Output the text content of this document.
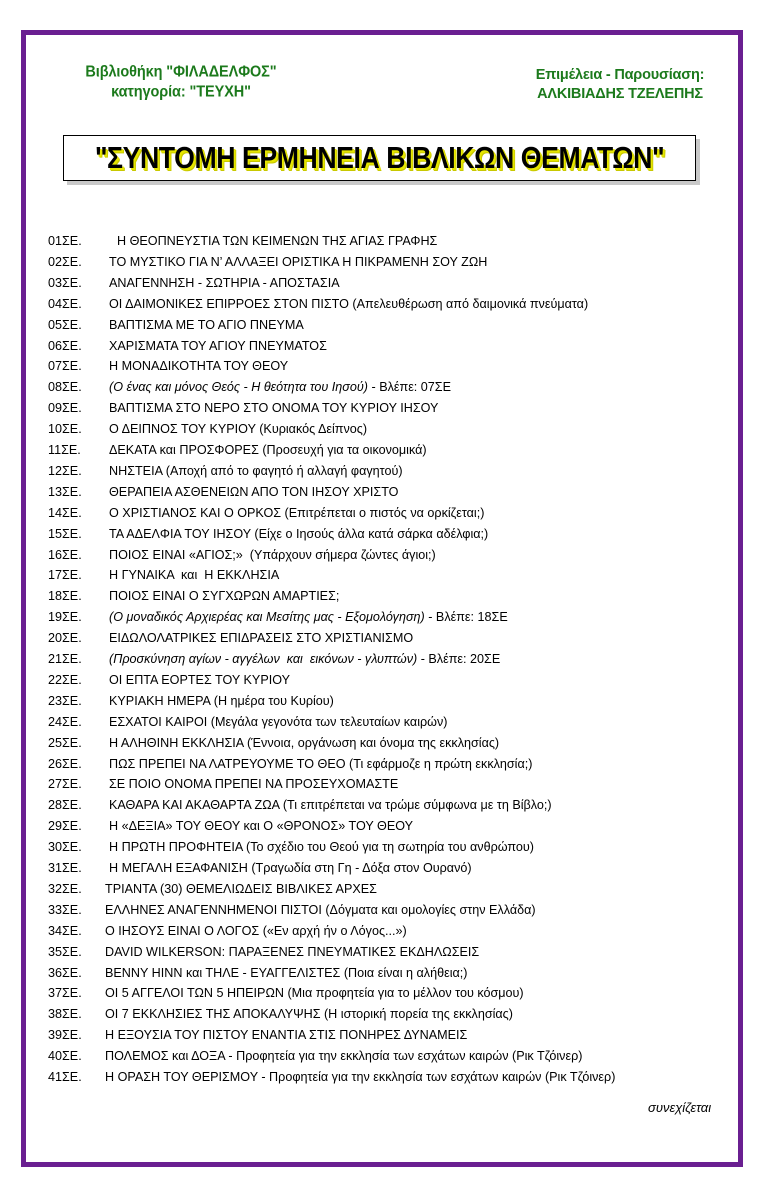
Βιβλιοθήκη "ΦΙΛΑΔΕΛΦΟΣ"
κατηγορία: "ΤΕΥΧΗ"
Επιμέλεια - Παρουσίαση:
ΑΛΚΙΒΙΑΔΗΣ ΤΖΕΛΕΠΗΣ
"ΣΥΝΤΟΜΗ ΕΡΜΗΝΕΙΑ ΒΙΒΛΙΚΩΝ ΘΕΜΑΤΩΝ"
01ΣΕ.	Η ΘΕΟΠΝΕΥΣΤΙΑ ΤΩΝ ΚΕΙΜΕΝΩΝ ΤΗΣ ΑΓΙΑΣ ΓΡΑΦΗΣ
02ΣΕ.	ΤΟ ΜΥΣΤΙΚΟ ΓΙΑ Ν’ ΑΛΛΑΞΕΙ ΟΡΙΣΤΙΚΑ Η ΠΙΚΡΑΜΕΝΗ ΣΟΥ ΖΩΗ
03ΣΕ.	ΑΝΑΓΕΝΝΗΣΗ - ΣΩΤΗΡΙΑ - ΑΠΟΣΤΑΣΙΑ
04ΣΕ.	ΟΙ ΔΑΙΜΟΝΙΚΕΣ ΕΠΙΡΡΟΕΣ ΣΤΟΝ ΠΙΣΤΟ (Απελευθέρωση από δαιμονικά πνεύματα)
05ΣΕ.	ΒΑΠΤΙΣΜΑ ΜΕ ΤΟ ΑΓΙΟ ΠΝΕΥΜΑ
06ΣΕ.	ΧΑΡΙΣΜΑΤΑ ΤΟΥ ΑΓΙΟΥ ΠΝΕΥΜΑΤΟΣ
07ΣΕ.	Η ΜΟΝΑΔΙΚΟΤΗΤΑ ΤΟΥ ΘΕΟΥ
08ΣΕ.	(Ο ένας και μόνος Θεός - Η θεότητα του Ιησού) - Βλέπε: 07ΣΕ
09ΣΕ.	ΒΑΠΤΙΣΜΑ ΣΤΟ ΝΕΡΟ ΣΤΟ ΟΝΟΜΑ ΤΟΥ ΚΥΡΙΟΥ ΙΗΣΟΥ
10ΣΕ.	Ο ΔΕΙΠΝΟΣ ΤΟΥ ΚΥΡΙΟΥ (Κυριακός Δείπνος)
11ΣΕ.	ΔΕΚΑΤΑ και ΠΡΟΣΦΟΡΕΣ (Προσευχή για τα οικονομικά)
12ΣΕ.	ΝΗΣΤΕΙΑ (Αποχή από το φαγητό ή αλλαγή φαγητού)
13ΣΕ.	ΘΕΡΑΠΕΙΑ ΑΣΘΕΝΕΙΩΝ ΑΠΟ ΤΟΝ ΙΗΣΟΥ ΧΡΙΣΤΟ
14ΣΕ.	Ο ΧΡΙΣΤΙΑΝΟΣ ΚΑΙ Ο ΟΡΚΟΣ (Επιτρέπεται ο πιστός να ορκίζεται;)
15ΣΕ.	ΤΑ ΑΔΕΛΦΙΑ ΤΟΥ ΙΗΣΟΥ (Είχε ο Ιησούς άλλα κατά σάρκα αδέλφια;)
16ΣΕ.	ΠΟΙΟΣ ΕΙΝΑΙ «ΑΓΙΟΣ;»  (Υπάρχουν σήμερα ζώντες άγιοι;)
17ΣΕ.	Η ΓΥΝΑΙΚΑ  και  Η ΕΚΚΛΗΣΙΑ
18ΣΕ.	ΠΟΙΟΣ ΕΙΝΑΙ Ο ΣΥΓΧΩΡΩΝ ΑΜΑΡΤΙΕΣ;
19ΣΕ.	(Ο μοναδικός Αρχιερέας και Μεσίτης μας - Εξομολόγηση) - Βλέπε: 18ΣΕ
20ΣΕ.	ΕΙΔΩΛΟΛΑΤΡΙΚΕΣ ΕΠΙΔΡΑΣΕΙΣ ΣΤΟ ΧΡΙΣΤΙΑΝΙΣΜΟ
21ΣΕ.	(Προσκύνηση αγίων - αγγέλων  και  εικόνων - γλυπτών) - Βλέπε: 20ΣΕ
22ΣΕ.	ΟΙ ΕΠΤΑ ΕΟΡΤΕΣ ΤΟΥ ΚΥΡΙΟΥ
23ΣΕ.	ΚΥΡΙΑΚΗ ΗΜΕΡΑ (Η ημέρα του Κυρίου)
24ΣΕ.	ΕΣΧΑΤΟΙ ΚΑΙΡΟΙ (Μεγάλα γεγονότα των τελευταίων καιρών)
25ΣΕ.	Η ΑΛΗΘΙΝΗ ΕΚΚΛΗΣΙΑ (Έννοια, οργάνωση και όνομα της εκκλησίας)
26ΣΕ.	ΠΩΣ ΠΡΕΠΕΙ ΝΑ ΛΑΤΡΕΥΟΥΜΕ ΤΟ ΘΕΟ (Τι εφάρμοζε η πρώτη εκκλησία;)
27ΣΕ.	ΣΕ ΠΟΙΟ ΟΝΟΜΑ ΠΡΕΠΕΙ ΝΑ ΠΡΟΣΕΥΧΟΜΑΣΤΕ
28ΣΕ.	ΚΑΘΑΡΑ ΚΑΙ ΑΚΑΘΑΡΤΑ ΖΩΑ (Τι επιτρέπεται να τρώμε σύμφωνα με τη Βίβλο;)
29ΣΕ.	Η «ΔΕΞΙΑ» ΤΟΥ ΘΕΟΥ και Ο «ΘΡΟΝΟΣ» ΤΟΥ ΘΕΟΥ
30ΣΕ.	Η ΠΡΩΤΗ ΠΡΟΦΗΤΕΙΑ (Το σχέδιο του Θεού για τη σωτηρία του ανθρώπου)
31ΣΕ.	Η ΜΕΓΑΛΗ ΕΞΑΦΑΝΙΣΗ (Τραγωδία στη Γη - Δόξα στον Ουρανό)
32ΣΕ.	ΤΡΙΑΝΤΑ (30) ΘΕΜΕΛΙΩΔΕΙΣ ΒΙΒΛΙΚΕΣ ΑΡΧΕΣ
33ΣΕ.	ΕΛΛΗΝΕΣ ΑΝΑΓΕΝΝΗΜΕΝΟΙ ΠΙΣΤΟΙ (Δόγματα και ομολογίες στην Ελλάδα)
34ΣΕ.	Ο ΙΗΣΟΥΣ ΕΙΝΑΙ Ο ΛΟΓΟΣ («Εν αρχή ήν ο Λόγος...»)
35ΣΕ.	DAVID WILKERSON: ΠΑΡΑΞΕΝΕΣ ΠΝΕΥΜΑΤΙΚΕΣ ΕΚΔΗΛΩΣΕΙΣ
36ΣΕ.	BENNY HINN και ΤΗΛΕ - ΕΥΑΓΓΕΛΙΣΤΕΣ (Ποια είναι η αλήθεια;)
37ΣΕ.	ΟΙ 5 ΑΓΓΕΛΟΙ ΤΩΝ 5 ΗΠΕΙΡΩΝ (Μια προφητεία για το μέλλον του κόσμου)
38ΣΕ.	ΟΙ 7 ΕΚΚΛΗΣΙΕΣ ΤΗΣ ΑΠΟΚΑΛΥΨΗΣ (Η ιστορική πορεία της εκκλησίας)
39ΣΕ.	Η ΕΞΟΥΣΙΑ ΤΟΥ ΠΙΣΤΟΥ ΕΝΑΝΤΙΑ ΣΤΙΣ ΠΟΝΗΡΕΣ ΔΥΝΑΜΕΙΣ
40ΣΕ.	ΠΟΛΕΜΟΣ και ΔΟΞΑ - Προφητεία για την εκκλησία των εσχάτων καιρών (Ρικ Τζόινερ)
41ΣΕ.	Η ΟΡΑΣΗ ΤΟΥ ΘΕΡΙΣΜΟΥ - Προφητεία για την εκκλησία των εσχάτων καιρών (Ρικ Τζόινερ)
συνεχίζεται
